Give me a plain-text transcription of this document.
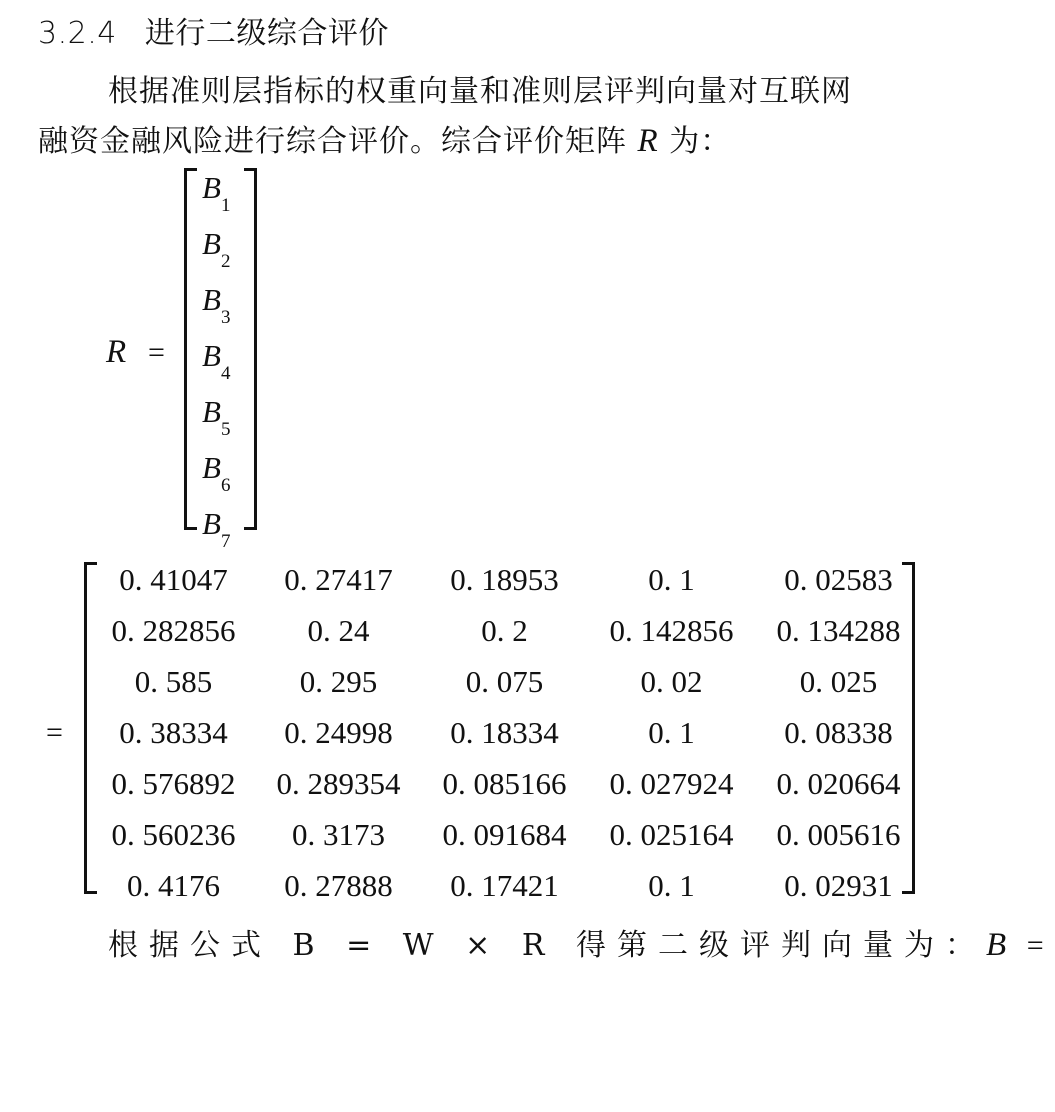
3.2.4 进行二级综合评价
根据准则层指标的权重向量和准则层评判向量对互联网
融资金融风险进行综合评价。综合评价矩阵 R 为：
R =
$B_1$
$B_2$
$B_3$
$B_4$
$B_5$
$B_6$
$B_7$
=
0. 41047	0. 27417	0. 18953	0. 1	0. 02583
0. 282856	0. 24	0. 2	0. 142856	0. 134288
0. 585	0. 295	0. 075	0. 02	0. 025
0. 38334	0. 24998	0. 18334	0. 1	0. 08338
0. 576892	0. 289354	0. 085166	0. 027924	0. 020664
0. 560236	0. 3173	0. 091684	0. 025164	0. 005616
0. 4176	0. 27888	0. 17421	0. 1	0. 02931
根据公式 B = W × R 得第二级评判向量为：B =
